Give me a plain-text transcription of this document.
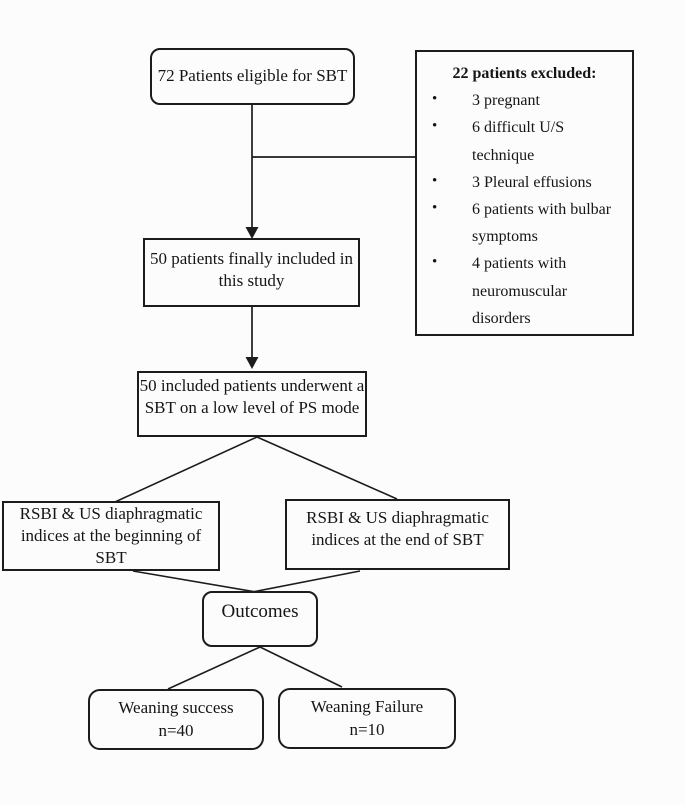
72 Patients eligible for SBT	22 patients excluded:
•	3 pregnant
•	6 difficult U/S technique
•	3 Pleural effusions
•	6 patients with bulbar symptoms
•	4 patients with neuromuscular disorders
50 patients finally included in this study
50 included patients underwent a SBT on a low level of PS mode
RSBI & US diaphragmatic indices at the beginning of SBT
RSBI & US diaphragmatic indices at the end of SBT
Outcomes
Weaning success
n=40
Weaning Failure
n=10
